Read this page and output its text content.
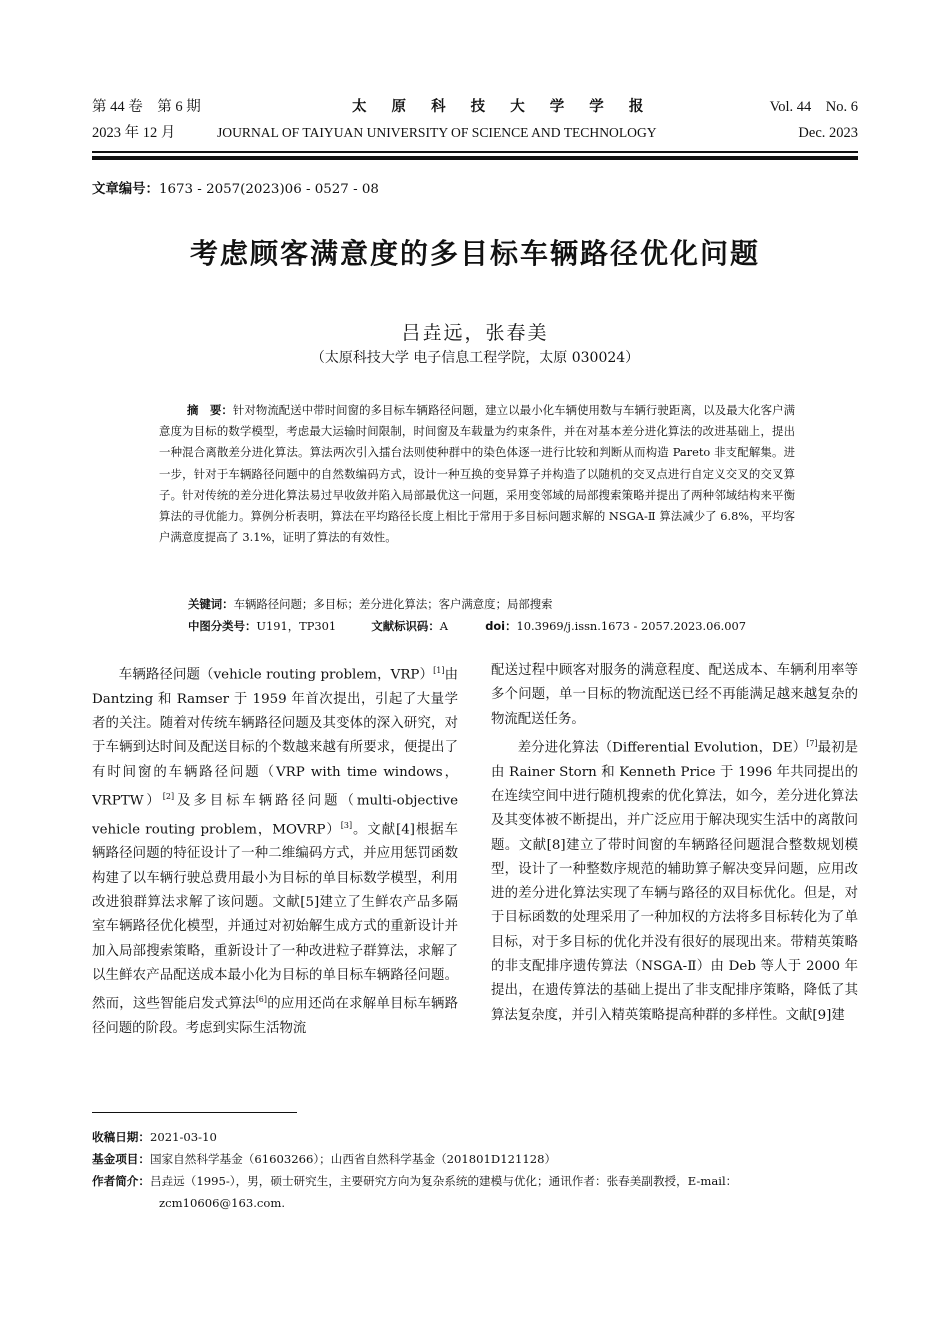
第 44 卷　第 6 期	太 原 科 技 大 学 学 报	Vol. 44　No. 6
2023 年 12 月	JOURNAL OF TAIYUAN UNIVERSITY OF SCIENCE AND TECHNOLOGY	Dec. 2023
文章编号：1673 - 2057(2023)06 - 0527 - 08
考虑顾客满意度的多目标车辆路径优化问题
吕垚远，张春美
（太原科技大学 电子信息工程学院，太原 030024）
摘　要：针对物流配送中带时间窗的多目标车辆路径问题，建立以最小化车辆使用数与车辆行驶距离，以及最大化客户满意度为目标的数学模型，考虑最大运输时间限制，时间窗及车载量为约束条件，并在对基本差分进化算法的改进基础上，提出一种混合离散差分进化算法。算法两次引入擂台法则使种群中的染色体逐一进行比较和判断从而构造 Pareto 非支配解集。进一步，针对于车辆路径问题中的自然数编码方式，设计一种互换的变异算子并构造了以随机的交叉点进行自定义交叉的交叉算子。针对传统的差分进化算法易过早收敛并陷入局部最优这一问题，采用变邻域的局部搜索策略并提出了两种邻域结构来平衡算法的寻优能力。算例分析表明，算法在平均路径长度上相比于常用于多目标问题求解的 NSGA-Ⅱ 算法减少了 6.8%，平均客户满意度提高了 3.1%，证明了算法的有效性。
关键词：车辆路径问题；多目标；差分进化算法；客户满意度；局部搜索
中图分类号：U191，TP301	文献标识码：A	doi：10.3969/j.issn.1673 - 2057.2023.06.007

车辆路径问题（vehicle routing problem，VRP）[1]由 Dantzing 和 Ramser 于 1959 年首次提出，引起了大量学者的关注。随着对传统车辆路径问题及其变体的深入研究，对于车辆到达时间及配送目标的个数越来越有所要求，便提出了有时间窗的车辆路径问题（VRP with time windows，VRPTW）[2]及多目标车辆路径问题（multi-objective vehicle routing problem，MOVRP）[3]。文献[4]根据车辆路径问题的特征设计了一种二维编码方式，并应用惩罚函数构建了以车辆行驶总费用最小为目标的单目标数学模型，利用改进狼群算法求解了该问题。文献[5]建立了生鲜农产品多隔室车辆路径优化模型，并通过对初始解生成方式的重新设计并加入局部搜索策略，重新设计了一种改进粒子群算法，求解了以生鲜农产品配送成本最小化为目标的单目标车辆路径问题。然而，这些智能启发式算法[6]的应用还尚在求解单目标车辆路径问题的阶段。考虑到实际生活物流

配送过程中顾客对服务的满意程度、配送成本、车辆利用率等多个问题，单一目标的物流配送已经不再能满足越来越复杂的物流配送任务。

差分进化算法（Differential Evolution，DE）[7]最初是由 Rainer Storn 和 Kenneth Price 于 1996 年共同提出的在连续空间中进行随机搜索的优化算法，如今，差分进化算法及其变体被不断提出，并广泛应用于解决现实生活中的离散问题。文献[8]建立了带时间窗的车辆路径问题混合整数规划模型，设计了一种整数序规范的辅助算子解决变异问题，应用改进的差分进化算法实现了车辆与路径的双目标优化。但是，对于目标函数的处理采用了一种加权的方法将多目标转化为了单目标，对于多目标的优化并没有很好的展现出来。带精英策略的非支配排序遗传算法（NSGA-Ⅱ）由 Deb 等人于 2000 年提出，在遗传算法的基础上提出了非支配排序策略，降低了其算法复杂度，并引入精英策略提高种群的多样性。文献[9]建

收稿日期：2021-03-10
基金项目：国家自然科学基金（61603266）；山西省自然科学基金（201801D121128）
作者简介：吕垚远（1995-），男，硕士研究生，主要研究方向为复杂系统的建模与优化；通讯作者：张春美副教授，E-mail：zcm10606@163.com.
